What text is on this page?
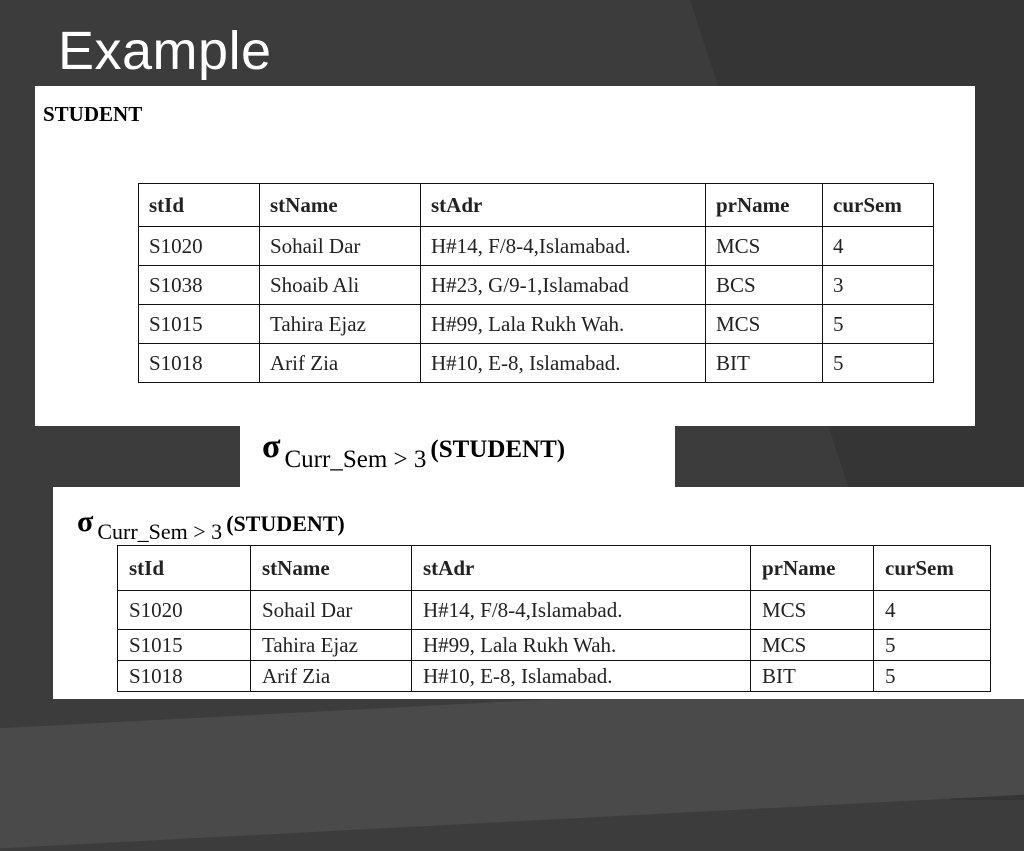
Example
STUDENT
stId	stName	stAdr	prName	curSem
S1020	Sohail Dar	H#14, F/8-4,Islamabad.	MCS	4
S1038	Shoaib Ali	H#23, G/9-1,Islamabad	BCS	3
S1015	Tahira Ejaz	H#99, Lala Rukh Wah.	MCS	5
S1018	Arif Zia	H#10, E-8, Islamabad.	BIT	5
σ Curr_Sem > 3 (STUDENT)
σ Curr_Sem > 3 (STUDENT)
stId	stName	stAdr	prName	curSem
S1020	Sohail Dar	H#14, F/8-4,Islamabad.	MCS	4
S1015	Tahira Ejaz	H#99, Lala Rukh Wah.	MCS	5
S1018	Arif Zia	H#10, E-8, Islamabad.	BIT	5
